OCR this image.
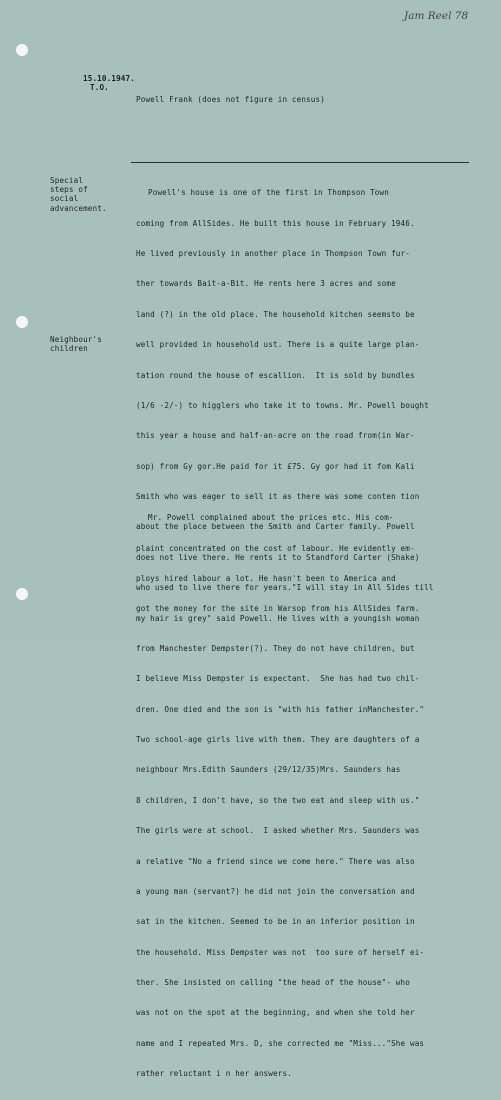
Jam Reel 78
15.10.1947.
T.O.
Powell Frank (does not figure in census)
Special
steps of
social
advancement.
Neighbour's
children

Powell's house is one of the first in Thompson Town

coming from AllSides. He built this house in February 1946.

He lived previously in another place in Thompson Town fur-

ther towards Bait-a-Bit. He rents here 3 acres and some

land (?) in the old place. The household kitchen seemsto be

well provided in household ust. There is a quite large plan-

tation round the house of escallion.  It is sold by bundles

(1/6 -2/-) to higglers who take it to towns. Mr. Powell bought

this year a house and half-an-acre on the road from(in War-

sop) from Gy gor.He paid for it £75. Gy gor had it fom Kali

Smith who was eager to sell it as there was some conten tion

about the place between the Smith and Carter family. Powell

does not live there. He rents it to Standford Carter (Shake)

who used to live there for years."I will stay in All Sides till

my hair is grey" said Powell. He lives with a youngish woman

from Manchester Dempster(?). They do not have children, but

I believe Miss Dempster is expectant.  She has had two chil-

dren. One died and the son is "with his father inManchester."

Two school-age girls live with them. They are daughters of a

neighbour Mrs.Edith Saunders (29/12/35)Mrs. Saunders has

8 children, I don't have, so the two eat and sleep with us."

The girls were at school.  I asked whether Mrs. Saunders was

a relative "No a friend since we come here." There was also

a young man (servant?) he did not join the conversation and

sat in the kitchen. Seemed to be in an inferior position in

the household. Miss Dempster was not  too sure of herself ei-

ther. She insisted on calling "the head of the house"- who

was not on the spot at the beginning, and when she told her

name and I repeated Mrs. D, she corrected me "Miss..."She was

rather reluctant i n her answers.

Mr. Powell complained about the prices etc. His com-

plaint concentrated on the cost of labour. He evidently em-

ploys hired labour a lot. He hasn't been to America and

got the money for the site in Warsop from his AllSides farm.
